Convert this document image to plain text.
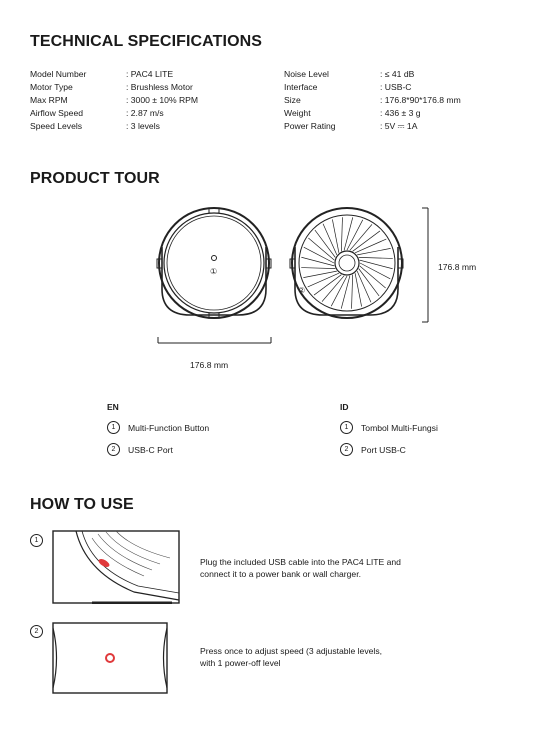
TECHNICAL SPECIFICATIONS
Model Number	: PAC4 LITE
Motor Type	: Brushless Motor
Max RPM	: 3000 ± 10% RPM
Airflow Speed	: 2.87 m/s
Speed Levels	: 3 levels
Noise Level	: ≤ 41 dB
Interface	: USB-C
Size	: 176.8*90*176.8 mm
Weight	: 436 ± 3 g
Power Rating	: 5V ⎓ 1A
PRODUCT TOUR
①
②
176.8 mm
176.8 mm
EN	ID
1	Multi-Function Button
2	USB-C Port
1	Tombol Multi-Fungsi
2	Port USB-C
HOW TO USE
1
Plug the included USB cable into the PAC4 LITE and
connect it to a power bank or wall charger.
2
Press once to adjust speed (3 adjustable levels,
with 1 power-off level
